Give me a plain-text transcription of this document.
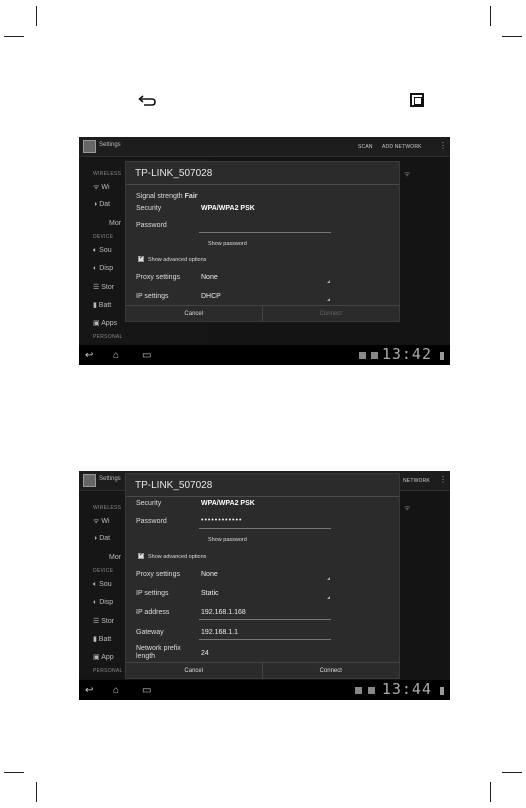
Settings	SCAN ADD NETWORK ⋮
WIRELESS
ᯤ Wi
◑ Dat
Mor
DEVICE
🔈︎ Sou
◐ Disp
☰ Stor
▮ Batt
▣ Apps
PERSONAL
ᯤ
TP-LINK_507028
Signal strength Fair
Security	WPA/WPA2 PSK
Password
Show password
✓
Show advanced options
Proxy settings	None
IP settings	DHCP
Cancel	Connect
↩ ⌂ ▭	13:42
Settings	NETWORK ⋮
WIRELESS
ᯤ Wi
◑ Dat
Mor
DEVICE
🔈︎ Sou
◐ Disp
☰ Stor
▮ Batt
▣ App
PERSONAL
ᯤ
TP-LINK_507028
Security	WPA/WPA2 PSK
Password	••••••••••••
Show password
✓
Show advanced options
Proxy settings	None
IP settings	Static
IP address	192.168.1.168
Gateway	192.168.1.1
Network prefix
length	24
Cancel	Connect
↩ ⌂ ▭	13:44
